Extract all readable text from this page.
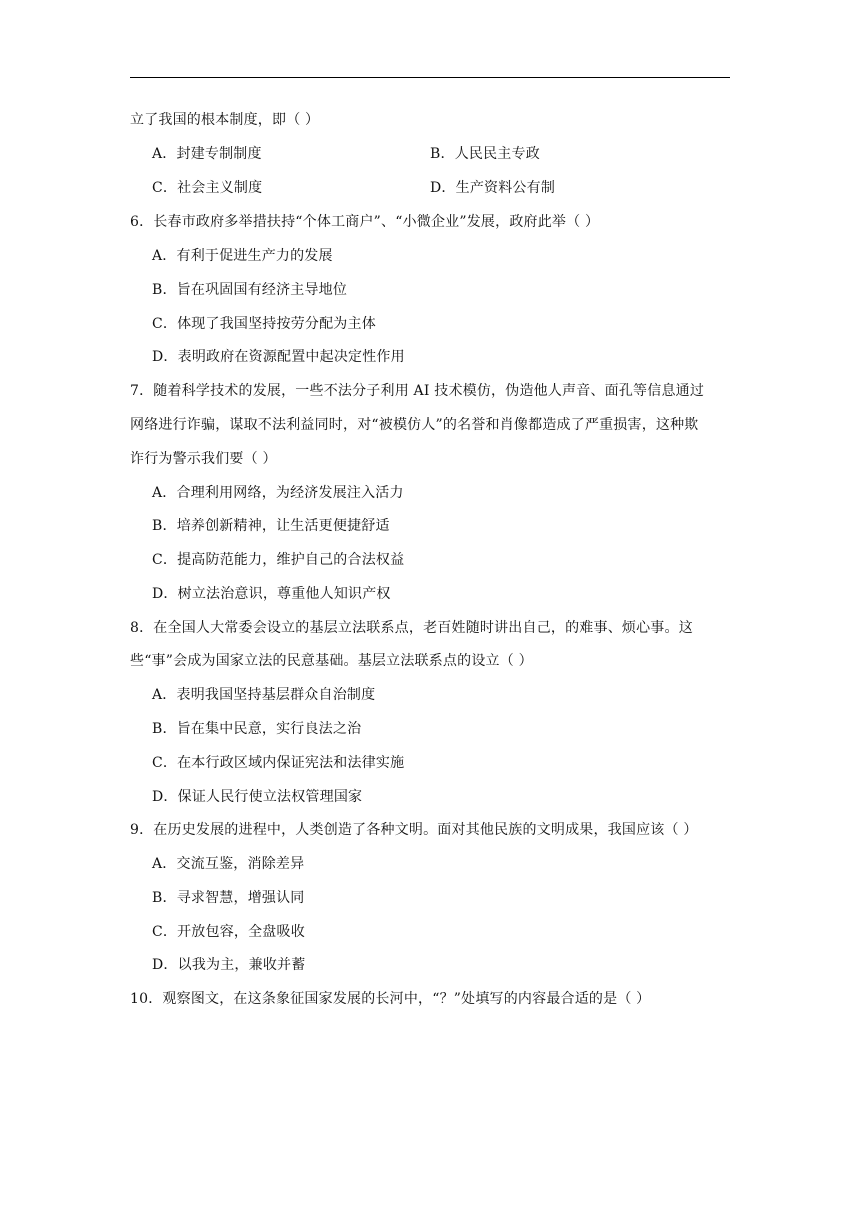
立了我国的根本制度，即（ ）
A．封建专制制度	B．人民民主专政
C．社会主义制度	D．生产资料公有制
6．长春市政府多举措扶持“个体工商户”、“小微企业”发展，政府此举（ ）
A．有利于促进生产力的发展
B．旨在巩固国有经济主导地位
C．体现了我国坚持按劳分配为主体
D．表明政府在资源配置中起决定性作用
7．随着科学技术的发展，一些不法分子利用 AI 技术模仿，伪造他人声音、面孔等信息通过
网络进行诈骗，谋取不法利益同时，对“被模仿人”的名誉和肖像都造成了严重损害，这种欺
诈行为警示我们要（ ）
A．合理利用网络，为经济发展注入活力
B．培养创新精神，让生活更便捷舒适
C．提高防范能力，维护自己的合法权益
D．树立法治意识，尊重他人知识产权
8．在全国人大常委会设立的基层立法联系点，老百姓随时讲出自己，的难事、烦心事。这
些“事”会成为国家立法的民意基础。基层立法联系点的设立（ ）
A．表明我国坚持基层群众自治制度
B．旨在集中民意，实行良法之治
C．在本行政区域内保证宪法和法律实施
D．保证人民行使立法权管理国家
9．在历史发展的进程中，人类创造了各种文明。面对其他民族的文明成果，我国应该（ ）
A．交流互鉴，消除差异
B．寻求智慧，增强认同
C．开放包容，全盘吸收
D．以我为主，兼收并蓄
10．观察图文，在这条象征国家发展的长河中，“？”处填写的内容最合适的是（ ）
